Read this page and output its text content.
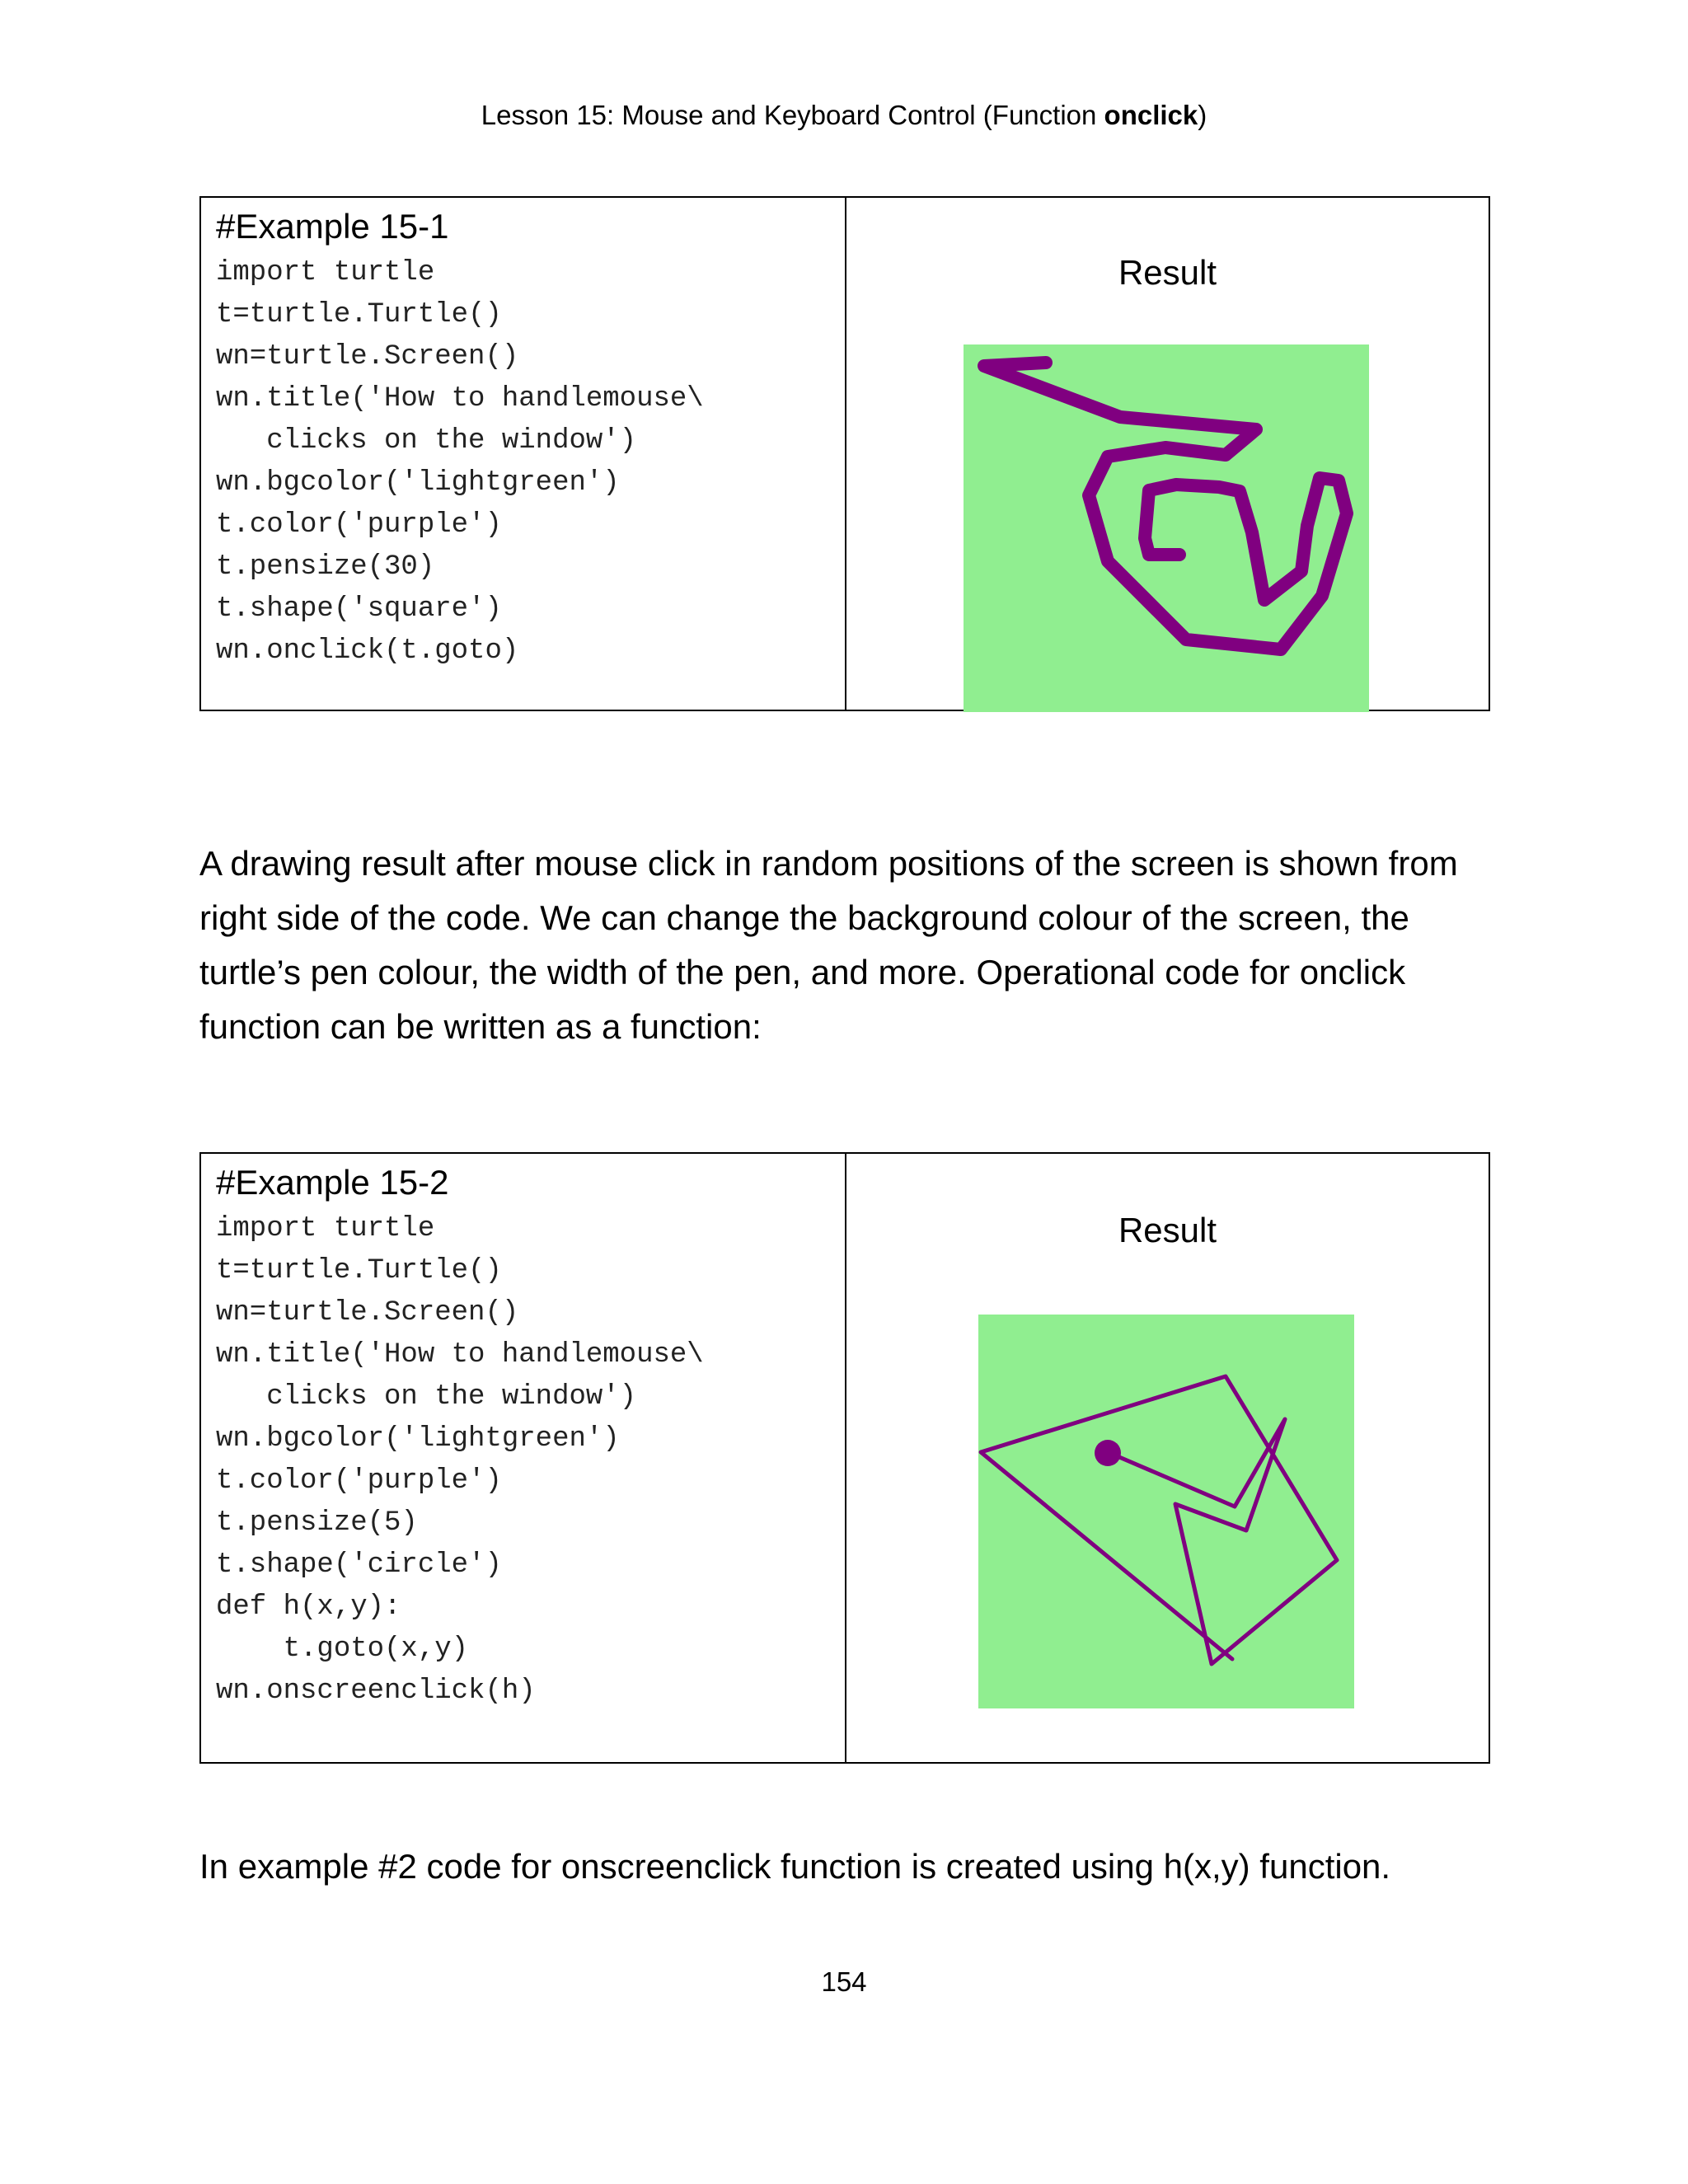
Lesson 15: Mouse and Keyboard Control (Function onclick)
#Example 15-1
import turtle
t=turtle.Turtle()
wn=turtle.Screen()
wn.title('How to handlemouse\
clicks on the window')
wn.bgcolor('lightgreen')
t.color('purple')
t.pensize(30)
t.shape('square')
wn.onclick(t.goto)
Result
A drawing result after mouse click in random positions of the screen is shown from right side of the code. We can change the background colour of the screen, the turtle’s pen colour, the width of the pen, and more. Operational code for onclick function can be written as a function:
#Example 15-2
import turtle
t=turtle.Turtle()
wn=turtle.Screen()
wn.title('How to handlemouse\
clicks on the window')
wn.bgcolor('lightgreen')
t.color('purple')
t.pensize(5)
t.shape('circle')
def h(x,y):
t.goto(x,y)
wn.onscreenclick(h)
Result
In example #2 code for onscreenclick function is created using h(x,y) function.
154
